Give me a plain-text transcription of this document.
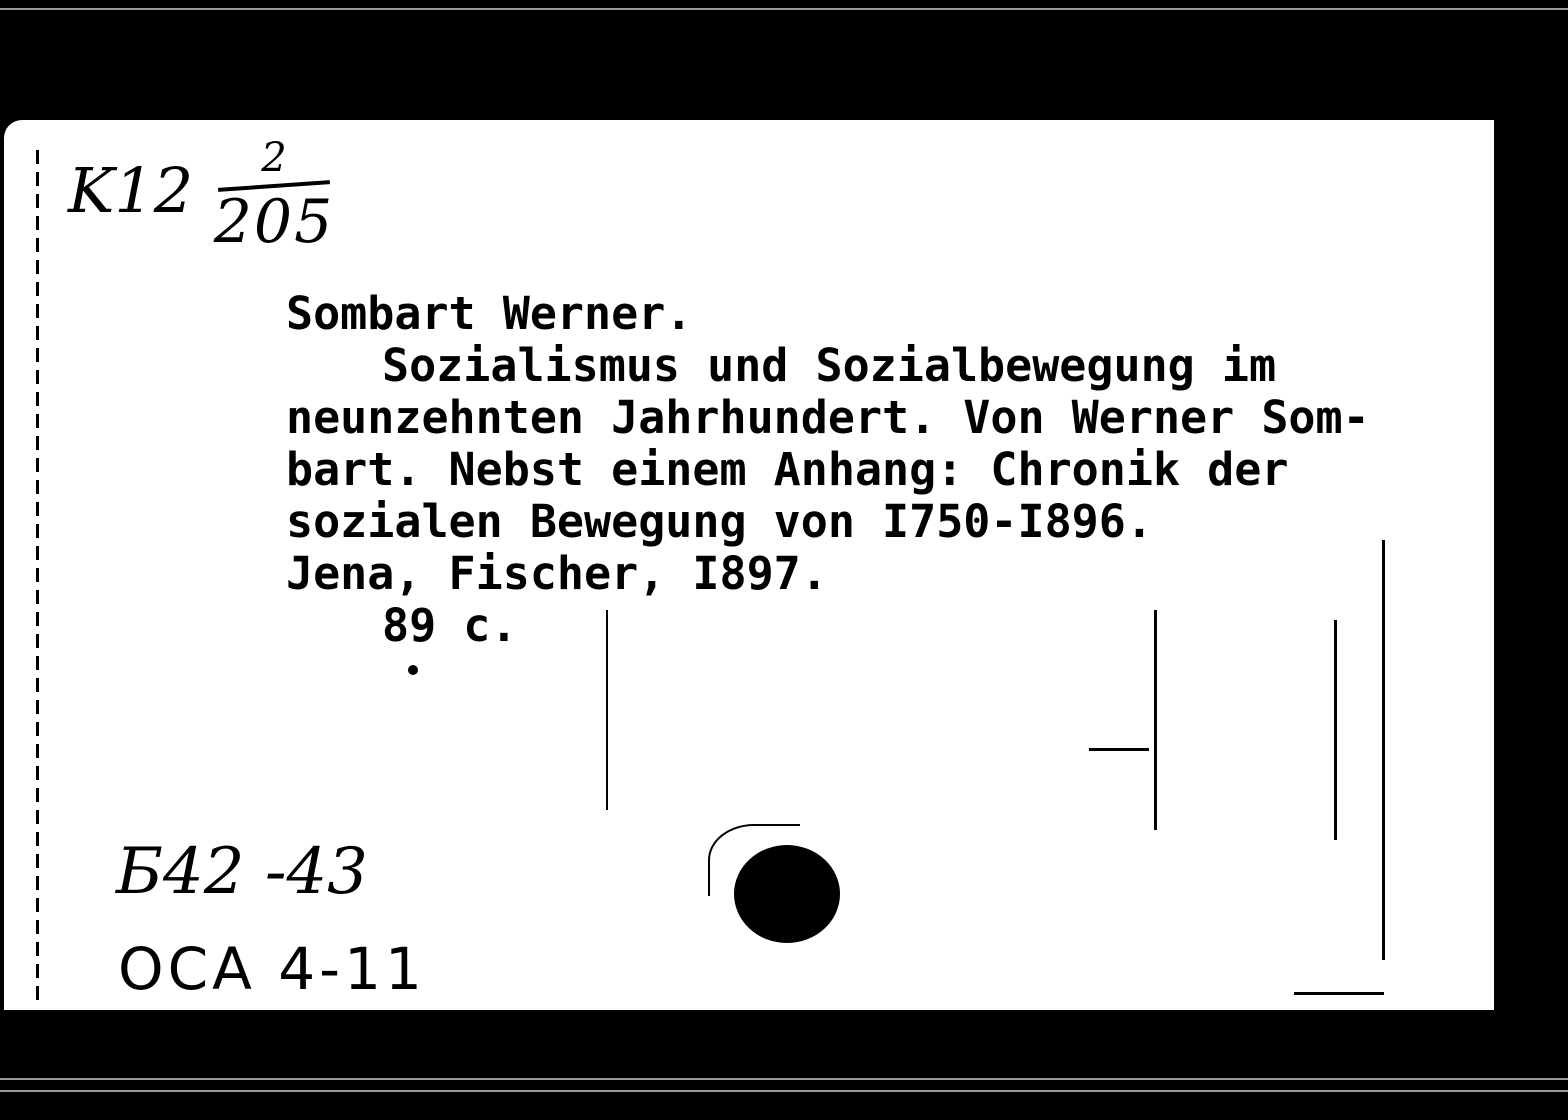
K12	2
205
Sombart Werner.
Sozialismus und Sozialbewegung im
neunzehnten Jahrhundert. Von Werner Som-
bart. Nebst einem Anhang: Chronik der
sozialen Bewegung von I750-I896.
Jena, Fischer, I897.
89 c.
Б42 -43
OCA 4-11
